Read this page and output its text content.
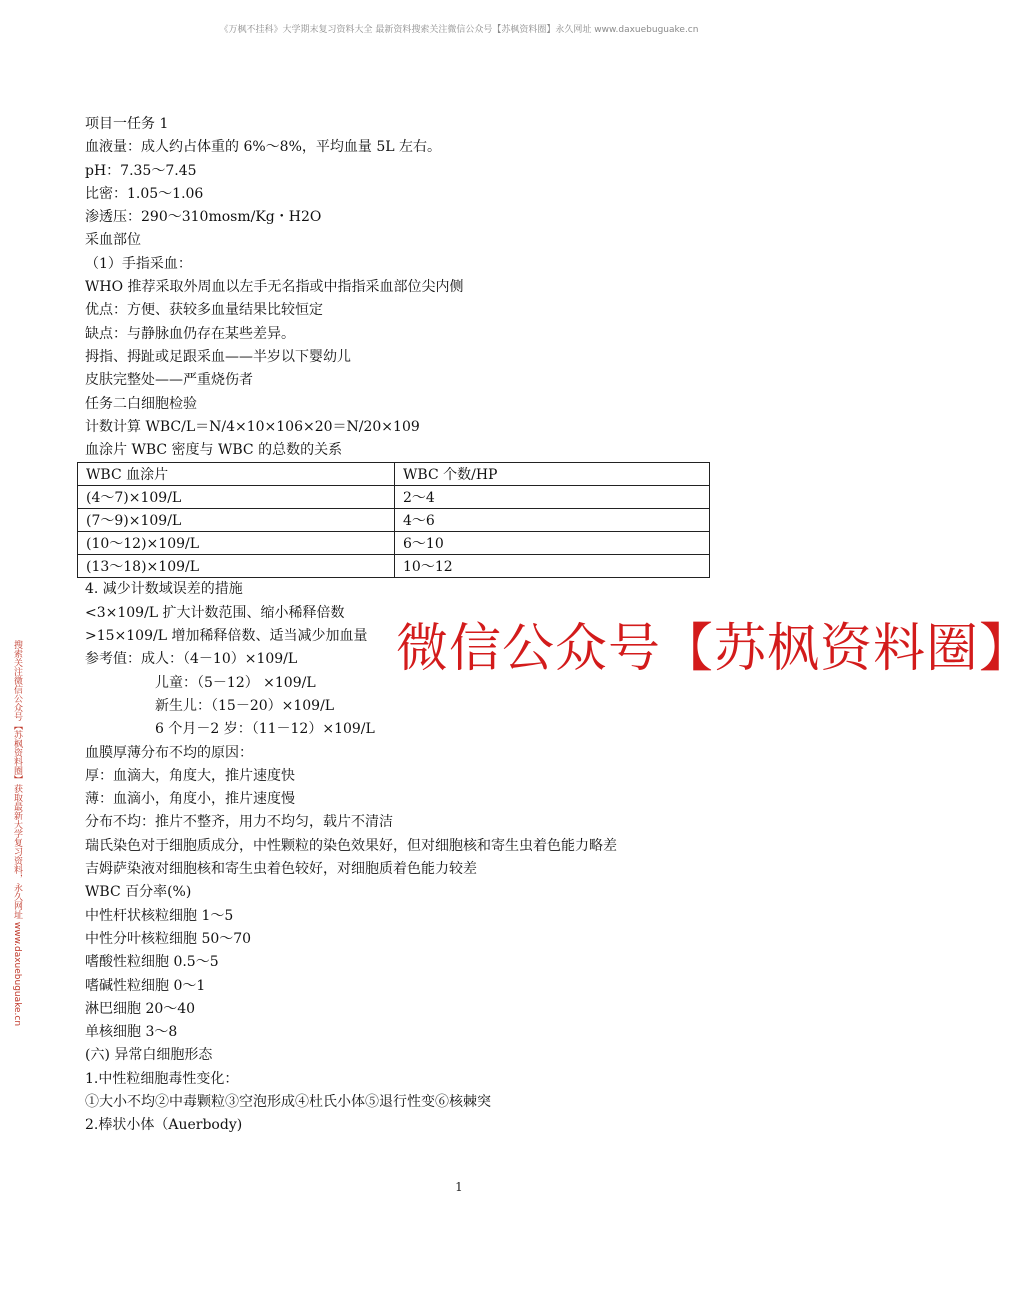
《万枫不挂科》大学期末复习资料大全 最新资料搜索关注微信公众号【苏枫资料圈】永久网址 www.daxuebuguake.cn
搜索关注微信公众号【苏枫资料圈】获取最新大学复习资料，永久网址 www.daxuebuguake.cn
项目一任务 1
血液量：成人约占体重的 6%～8%，平均血量 5L 左右。
pH：7.35～7.45
比密：1.05～1.06
渗透压：290～310mosm/Kg・H2O
采血部位
（1）手指采血：
WHO 推荐采取外周血以左手无名指或中指指采血部位尖内侧
优点：方便、获较多血量结果比较恒定
缺点：与静脉血仍存在某些差异。
拇指、拇趾或足跟采血——半岁以下婴幼儿
皮肤完整处——严重烧伤者
任务二白细胞检验
计数计算 WBC/L＝N/4×10×106×20＝N/20×109
血涂片 WBC 密度与 WBC 的总数的关系
WBC 血涂片	WBC 个数/HP
(4～7)×109/L	2～4
(7～9)×109/L	4～6
(10～12)×109/L	6～10
(13～18)×109/L	10～12
4. 减少计数域误差的措施
<3×109/L 扩大计数范围、缩小稀释倍数
>15×109/L 增加稀释倍数、适当减少加血量
参考值：成人：（4－10）×109/L
儿童：（5－12） ×109/L
新生儿：（15－20）×109/L
6 个月－2 岁：（11－12）×109/L
血膜厚薄分布不均的原因：
厚：血滴大，角度大，推片速度快
薄：血滴小，角度小，推片速度慢
分布不均：推片不整齐，用力不均匀，载片不清洁
瑞氏染色对于细胞质成分，中性颗粒的染色效果好，但对细胞核和寄生虫着色能力略差
吉姆萨染液对细胞核和寄生虫着色较好，对细胞质着色能力较差
WBC 百分率(%)
中性杆状核粒细胞 1～5
中性分叶核粒细胞 50～70
嗜酸性粒细胞 0.5～5
嗜碱性粒细胞 0～1
淋巴细胞 20～40
单核细胞 3～8
(六) 异常白细胞形态
1.中性粒细胞毒性变化：
①大小不均②中毒颗粒③空泡形成④杜氏小体⑤退行性变⑥核棘突
2.棒状小体（Auerbody)
微信公众号【苏枫资料圈】
1
